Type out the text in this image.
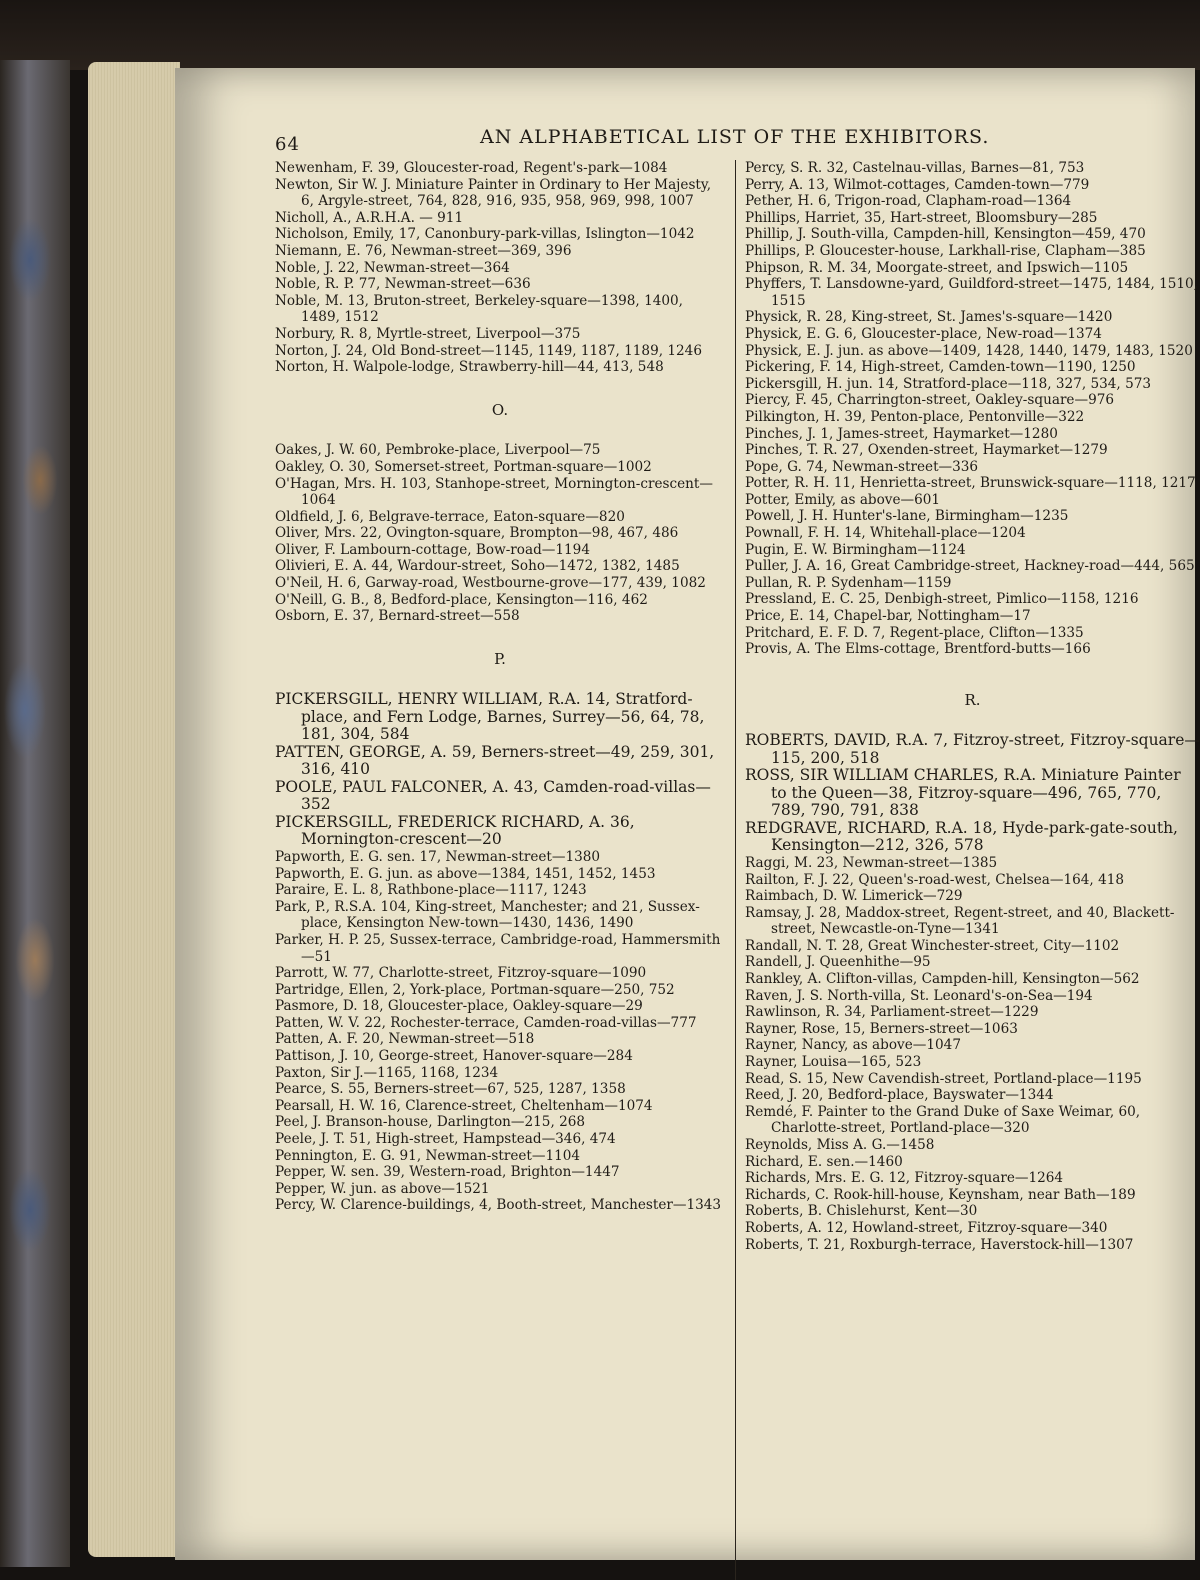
64	AN ALPHABETICAL LIST OF THE EXHIBITORS.
Newenham, F. 39, Gloucester-road, Regent's-park—1084
Newton, Sir W. J. Miniature Painter in Ordinary to Her Majesty, 6, Argyle-street, 764, 828, 916, 935, 958, 969, 998, 1007
Nicholl, A., A.R.H.A. — 911
Nicholson, Emily, 17, Canonbury-park-villas, Islington—1042
Niemann, E. 76, Newman-street—369, 396
Noble, J. 22, Newman-street—364
Noble, R. P. 77, Newman-street—636
Noble, M. 13, Bruton-street, Berkeley-square—1398, 1400, 1489, 1512
Norbury, R. 8, Myrtle-street, Liverpool—375
Norton, J. 24, Old Bond-street—1145, 1149, 1187, 1189, 1246
Norton, H. Walpole-lodge, Strawberry-hill—44, 413, 548
O.
Oakes, J. W. 60, Pembroke-place, Liverpool—75
Oakley, O. 30, Somerset-street, Portman-square—1002
O'Hagan, Mrs. H. 103, Stanhope-street, Mornington-crescent—1064
Oldfield, J. 6, Belgrave-terrace, Eaton-square—820
Oliver, Mrs. 22, Ovington-square, Brompton—98, 467, 486
Oliver, F. Lambourn-cottage, Bow-road—1194
Olivieri, E. A. 44, Wardour-street, Soho—1472, 1382, 1485
O'Neil, H. 6, Garway-road, Westbourne-grove—177, 439, 1082
O'Neill, G. B., 8, Bedford-place, Kensington—116, 462
Osborn, E. 37, Bernard-street—558
P.
PICKERSGILL, HENRY WILLIAM, R.A. 14, Stratford-place, and Fern Lodge, Barnes, Surrey—56, 64, 78, 181, 304, 584
PATTEN, GEORGE, A. 59, Berners-street—49, 259, 301, 316, 410
POOLE, PAUL FALCONER, A. 43, Camden-road-villas—352
PICKERSGILL, FREDERICK RICHARD, A. 36, Mornington-crescent—20
Papworth, E. G. sen. 17, Newman-street—1380
Papworth, E. G. jun. as above—1384, 1451, 1452, 1453
Paraire, E. L. 8, Rathbone-place—1117, 1243
Park, P., R.S.A. 104, King-street, Manchester; and 21, Sussex-place, Kensington New-town—1430, 1436, 1490
Parker, H. P. 25, Sussex-terrace, Cambridge-road, Hammersmith—51
Parrott, W. 77, Charlotte-street, Fitzroy-square—1090
Partridge, Ellen, 2, York-place, Portman-square—250, 752
Pasmore, D. 18, Gloucester-place, Oakley-square—29
Patten, W. V. 22, Rochester-terrace, Camden-road-villas—777
Patten, A. F. 20, Newman-street—518
Pattison, J. 10, George-street, Hanover-square—284
Paxton, Sir J.—1165, 1168, 1234
Pearce, S. 55, Berners-street—67, 525, 1287, 1358
Pearsall, H. W. 16, Clarence-street, Cheltenham—1074
Peel, J. Branson-house, Darlington—215, 268
Peele, J. T. 51, High-street, Hampstead—346, 474
Pennington, E. G. 91, Newman-street—1104
Pepper, W. sen. 39, Western-road, Brighton—1447
Pepper, W. jun. as above—1521
Percy, W. Clarence-buildings, 4, Booth-street, Manchester—1343
Percy, S. R. 32, Castelnau-villas, Barnes—81, 753
Perry, A. 13, Wilmot-cottages, Camden-town—779
Pether, H. 6, Trigon-road, Clapham-road—1364
Phillips, Harriet, 35, Hart-street, Bloomsbury—285
Phillip, J. South-villa, Campden-hill, Kensington—459, 470
Phillips, P. Gloucester-house, Larkhall-rise, Clapham—385
Phipson, R. M. 34, Moorgate-street, and Ipswich—1105
Phyffers, T. Lansdowne-yard, Guildford-street—1475, 1484, 1510, 1515
Physick, R. 28, King-street, St. James's-square—1420
Physick, E. G. 6, Gloucester-place, New-road—1374
Physick, E. J. jun. as above—1409, 1428, 1440, 1479, 1483, 1520
Pickering, F. 14, High-street, Camden-town—1190, 1250
Pickersgill, H. jun. 14, Stratford-place—118, 327, 534, 573
Piercy, F. 45, Charrington-street, Oakley-square—976
Pilkington, H. 39, Penton-place, Pentonville—322
Pinches, J. 1, James-street, Haymarket—1280
Pinches, T. R. 27, Oxenden-street, Haymarket—1279
Pope, G. 74, Newman-street—336
Potter, R. H. 11, Henrietta-street, Brunswick-square—1118, 1217
Potter, Emily, as above—601
Powell, J. H. Hunter's-lane, Birmingham—1235
Pownall, F. H. 14, Whitehall-place—1204
Pugin, E. W. Birmingham—1124
Puller, J. A. 16, Great Cambridge-street, Hackney-road—444, 565
Pullan, R. P. Sydenham—1159
Pressland, E. C. 25, Denbigh-street, Pimlico—1158, 1216
Price, E. 14, Chapel-bar, Nottingham—17
Pritchard, E. F. D. 7, Regent-place, Clifton—1335
Provis, A. The Elms-cottage, Brentford-butts—166
R.
ROBERTS, DAVID, R.A. 7, Fitzroy-street, Fitzroy-square—115, 200, 518
ROSS, SIR WILLIAM CHARLES, R.A. Miniature Painter to the Queen—38, Fitzroy-square—496, 765, 770, 789, 790, 791, 838
REDGRAVE, RICHARD, R.A. 18, Hyde-park-gate-south, Kensington—212, 326, 578
Raggi, M. 23, Newman-street—1385
Railton, F. J. 22, Queen's-road-west, Chelsea—164, 418
Raimbach, D. W. Limerick—729
Ramsay, J. 28, Maddox-street, Regent-street, and 40, Blackett-street, Newcastle-on-Tyne—1341
Randall, N. T. 28, Great Winchester-street, City—1102
Randell, J. Queenhithe—95
Rankley, A. Clifton-villas, Campden-hill, Kensington—562
Raven, J. S. North-villa, St. Leonard's-on-Sea—194
Rawlinson, R. 34, Parliament-street—1229
Rayner, Rose, 15, Berners-street—1063
Rayner, Nancy, as above—1047
Rayner, Louisa—165, 523
Read, S. 15, New Cavendish-street, Portland-place—1195
Reed, J. 20, Bedford-place, Bayswater—1344
Remdé, F. Painter to the Grand Duke of Saxe Weimar, 60, Charlotte-street, Portland-place—320
Reynolds, Miss A. G.—1458
Richard, E. sen.—1460
Richards, Mrs. E. G. 12, Fitzroy-square—1264
Richards, C. Rook-hill-house, Keynsham, near Bath—189
Roberts, B. Chislehurst, Kent—30
Roberts, A. 12, Howland-street, Fitzroy-square—340
Roberts, T. 21, Roxburgh-terrace, Haverstock-hill—1307
